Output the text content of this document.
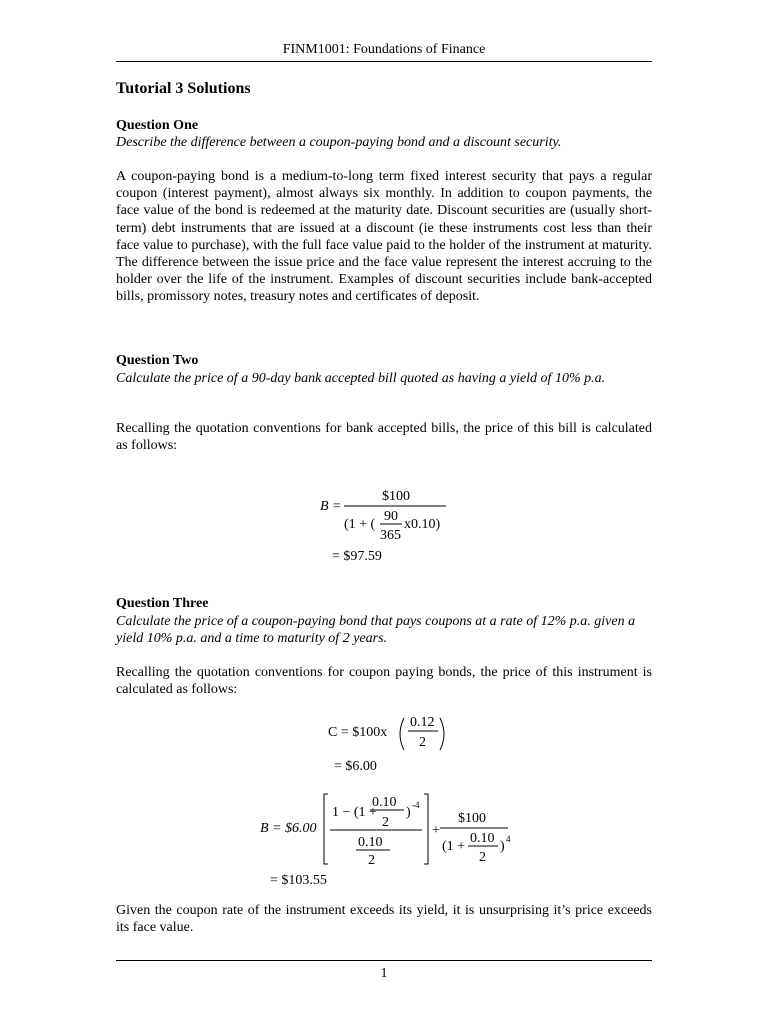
FINM1001: Foundations of Finance
Tutorial 3 Solutions
Question One
Describe the difference between a coupon-paying bond and a discount security.
A coupon-paying bond is a medium-to-long term fixed interest security that pays a regular coupon (interest payment), almost always six monthly. In addition to coupon payments, the face value of the bond is redeemed at the maturity date. Discount securities are (usually short-term) debt instruments that are issued at a discount (ie these instruments cost less than their face value to purchase), with the full face value paid to the holder of the instrument at maturity. The difference between the issue price and the face value represent the interest accruing to the holder over the life of the instrument. Examples of discount securities include bank-accepted bills, promissory notes, treasury notes and certificates of deposit.
Question Two
Calculate the price of a 90-day bank accepted bill quoted as having a yield of 10% p.a.
Recalling the quotation conventions for bank accepted bills, the price of this bill is calculated as follows:
B =
$100
(1 + (
90
365
x0.10)
= $97.59
Question Three
Calculate the price of a coupon-paying bond that pays coupons at a rate of 12% p.a. given a yield 10% p.a. and a time to maturity of 2 years.
Recalling the quotation conventions for coupon paying bonds, the price of this instrument is calculated as follows:
C = $100x
0.12
2
= $6.00
B = $6.00
1 − (1 +
0.10
2
) -4
0.10
2
+
$100
(1 +
0.10
2
) 4
= $103.55
Given the coupon rate of the instrument exceeds its yield, it is unsurprising it’s price exceeds its face value.
1
